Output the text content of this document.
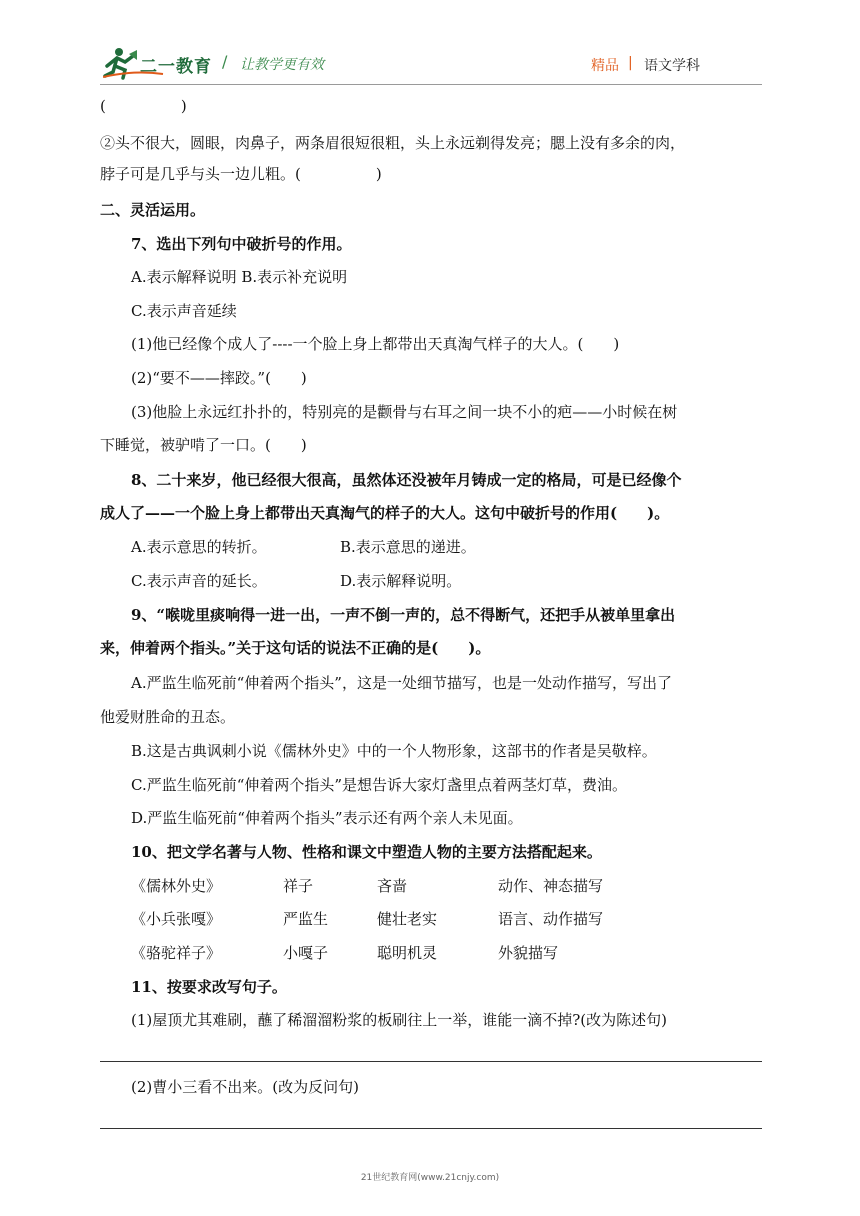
二一教育 / 让教学更有效	精品 | 语文学科
(　　　　　)
②头不很大，圆眼，肉鼻子，两条眉很短很粗，头上永远剃得发亮；腮上没有多余的肉，
脖子可是几乎与头一边儿粗。(　　　　　)
二、灵活运用。
7、选出下列句中破折号的作用。
A.表示解释说明 B.表示补充说明
C.表示声音延续
(1)他已经像个成人了----一个脸上身上都带出天真淘气样子的大人。(　　)
(2)“要不——摔跤。”(　　)
(3)他脸上永远红扑扑的，特别亮的是颧骨与右耳之间一块不小的疤——小时候在树
下睡觉，被驴啃了一口。(　　)
8、二十来岁，他已经很大很高，虽然体还没被年月铸成一定的格局，可是已经像个
成人了——一个脸上身上都带出天真淘气的样子的大人。这句中破折号的作用(　　)。
A.表示意思的转折。	B.表示意思的递进。
C.表示声音的延长。	D.表示解释说明。
9、“喉咙里痰响得一进一出，一声不倒一声的，总不得断气，还把手从被单里拿出
来，伸着两个指头。”关于这句话的说法不正确的是(　　)。
A.严监生临死前“伸着两个指头”，这是一处细节描写，也是一处动作描写，写出了
他爱财胜命的丑态。
B.这是古典讽刺小说《儒林外史》中的一个人物形象，这部书的作者是吴敬梓。
C.严监生临死前“伸着两个指头”是想告诉大家灯盏里点着两茎灯草，费油。
D.严监生临死前“伸着两个指头”表示还有两个亲人未见面。
10、把文学名著与人物、性格和课文中塑造人物的主要方法搭配起来。
《儒林外史》	祥子	吝啬	动作、神态描写
《小兵张嘎》	严监生	健壮老实	语言、动作描写
《骆驼祥子》	小嘎子	聪明机灵	外貌描写
11、按要求改写句子。
(1)屋顶尤其难刷，蘸了稀溜溜粉浆的板刷往上一举，谁能一滴不掉?(改为陈述句)
(2)曹小三看不出来。(改为反问句)
21世纪教育网(www.21cnjy.com)
